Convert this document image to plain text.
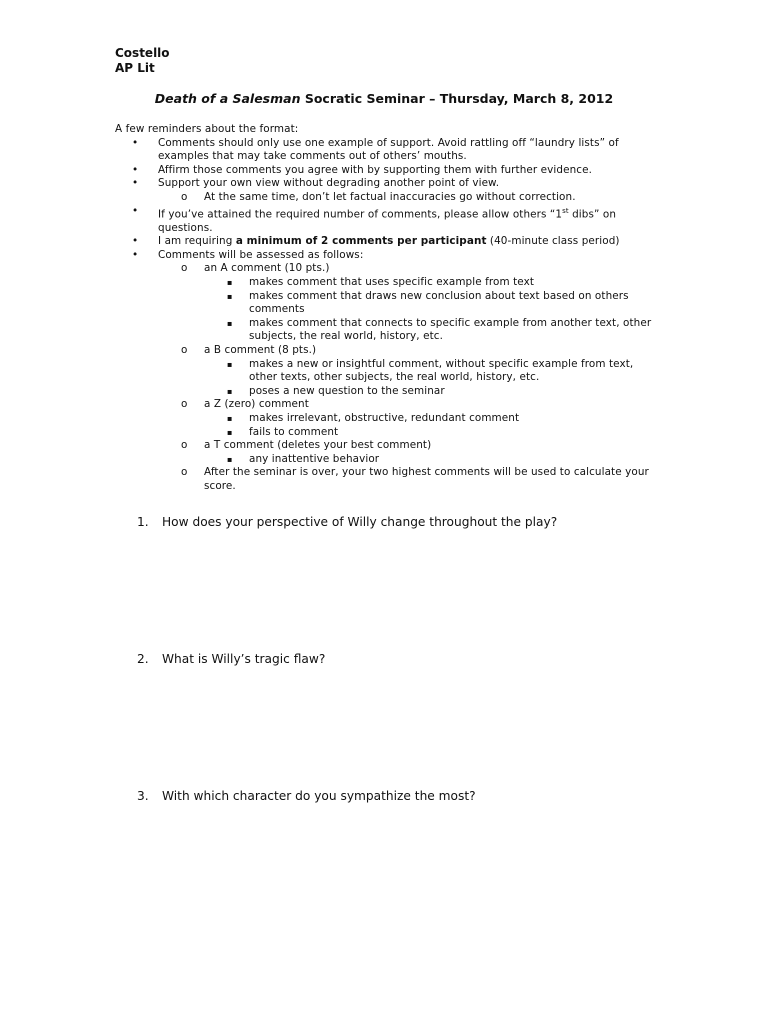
Costello
AP Lit
Death of a Salesman Socratic Seminar – Thursday, March 8, 2012
A few reminders about the format:
• Comments should only use one example of support. Avoid rattling off “laundry lists” of examples that may take comments out of others’ mouths.
• Affirm those comments you agree with by supporting them with further evidence.
• Support your own view without degrading another point of view.
o At the same time, don’t let factual inaccuracies go without correction.
• If you’ve attained the required number of comments, please allow others “1st dibs” on questions.
• I am requiring a minimum of 2 comments per participant (40-minute class period)
• Comments will be assessed as follows:
o an A comment (10 pts.)
▪ makes comment that uses specific example from text
▪ makes comment that draws new conclusion about text based on others comments
▪ makes comment that connects to specific example from another text, other subjects, the real world, history, etc.
o a B comment (8 pts.)
▪ makes a new or insightful comment, without specific example from text, other texts, other subjects, the real world, history, etc.
▪ poses a new question to the seminar
o a Z (zero) comment
▪ makes irrelevant, obstructive, redundant comment
▪ fails to comment
o a T comment (deletes your best comment)
▪ any inattentive behavior
o After the seminar is over, your two highest comments will be used to calculate your score.
1. How does your perspective of Willy change throughout the play?
2. What is Willy’s tragic flaw?
3. With which character do you sympathize the most?
